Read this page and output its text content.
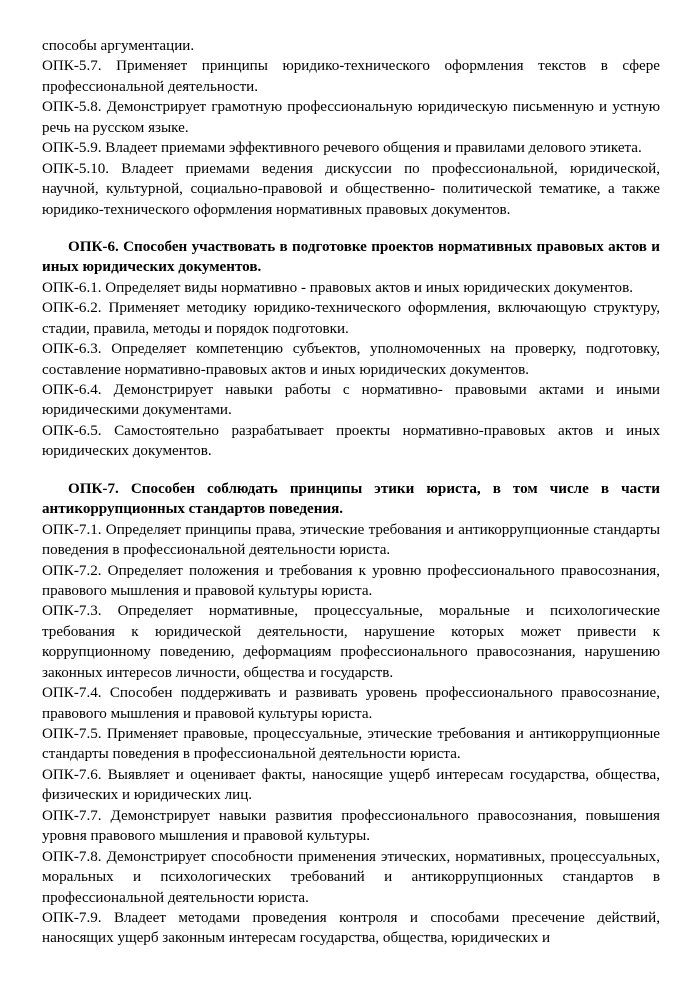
способы аргументации.
ОПК-5.7. Применяет принципы юридико-технического оформления текстов в сфере профессиональной деятельности.
ОПК-5.8. Демонстрирует грамотную профессиональную юридическую письменную и устную речь на русском языке.
ОПК-5.9. Владеет приемами эффективного речевого общения и правилами делового этикета.
ОПК-5.10. Владеет приемами ведения дискуссии по профессиональной, юридической, научной, культурной, социально-правовой и общественно- политической тематике, а также юридико-технического оформления нормативных правовых документов.
ОПК-6. Способен участвовать в подготовке проектов нормативных правовых актов и иных юридических документов.
ОПК-6.1. Определяет виды нормативно - правовых актов и иных юридических документов.
ОПК-6.2. Применяет методику юридико-технического оформления, включающую структуру, стадии, правила, методы и порядок подготовки.
ОПК-6.3. Определяет компетенцию субъектов, уполномоченных на проверку, подготовку, составление нормативно-правовых актов и иных юридических документов.
ОПК-6.4. Демонстрирует навыки работы с нормативно- правовыми актами и иными юридическими документами.
ОПК-6.5. Самостоятельно разрабатывает проекты нормативно-правовых актов и иных юридических документов.
ОПК-7. Способен соблюдать принципы этики юриста, в том числе в части антикоррупционных стандартов поведения.
ОПК-7.1. Определяет принципы права, этические требования и антикоррупционные стандарты поведения в профессиональной деятельности юриста.
ОПК-7.2. Определяет положения и требования к уровню профессионального правосознания, правового мышления и правовой культуры юриста.
ОПК-7.3. Определяет нормативные, процессуальные, моральные и психологические требования к юридической деятельности, нарушение которых может привести к коррупционному поведению, деформациям профессионального правосознания, нарушению законных интересов личности, общества и государств.
ОПК-7.4. Способен поддерживать и развивать уровень профессионального правосознание, правового мышления и правовой культуры юриста.
ОПК-7.5. Применяет правовые, процессуальные, этические требования и антикоррупционные стандарты поведения в профессиональной деятельности юриста.
ОПК-7.6. Выявляет и оценивает факты, наносящие ущерб интересам государства, общества, физических и юридических лиц.
ОПК-7.7. Демонстрирует навыки развития профессионального правосознания, повышения уровня правового мышления и правовой культуры.
ОПК-7.8. Демонстрирует способности применения этических, нормативных, процессуальных, моральных и психологических требований и антикоррупционных стандартов в профессиональной деятельности юриста.
ОПК-7.9. Владеет методами проведения контроля и способами пресечение действий, наносящих ущерб законным интересам государства, общества, юридических и
